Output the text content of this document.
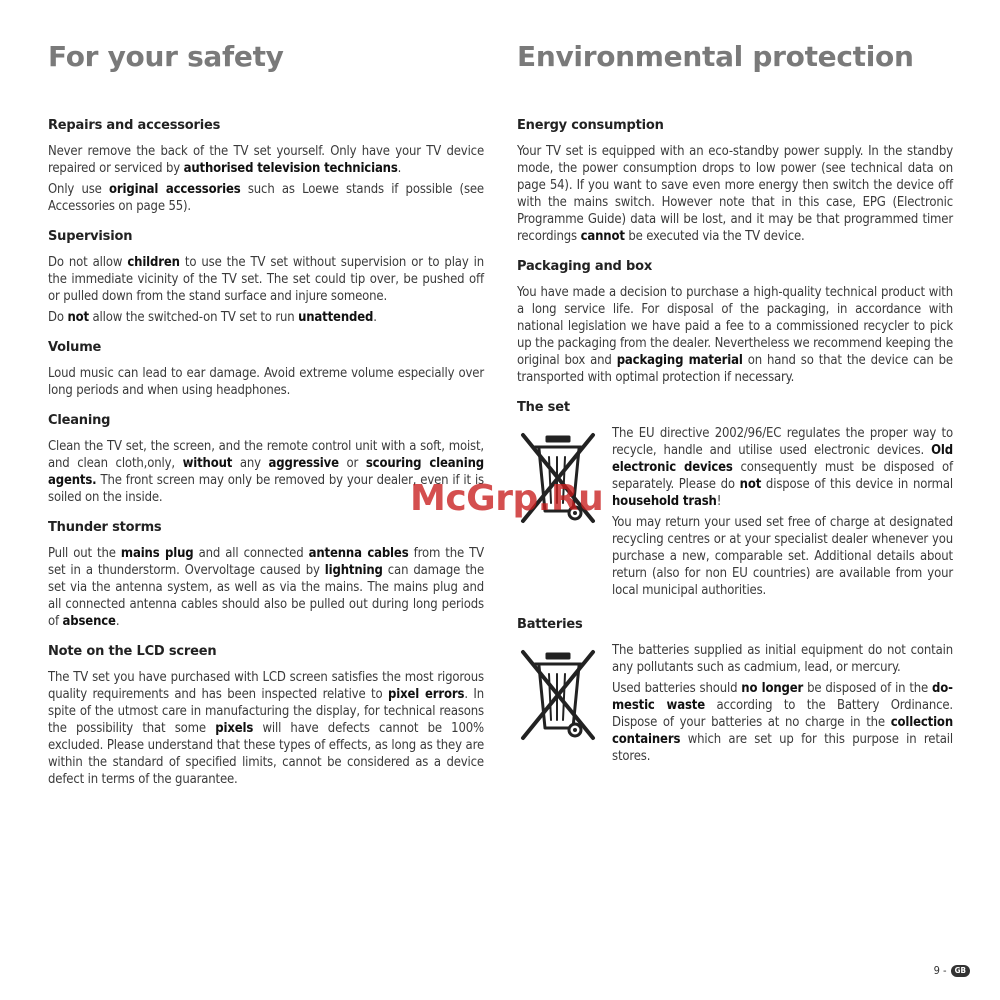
For your safety
Repairs and accessories

Never remove the back of the TV set yourself. Only have your TV device repaired or serviced by authorised television technicians.

Only use original accessories such as Loewe stands if possible (see Accessories on page 55).

Supervision

Do not allow children to use the TV set without supervision or to play in the immediate vicinity of the TV set. The set could tip over, be pushed off or pulled down from the stand surface and injure someone.

Do not allow the switched-on TV set to run unattended.

Volume

Loud music can lead to ear damage. Avoid extreme volume especially over long periods and when using headphones.

Cleaning

Clean the TV set, the screen, and the remote control unit with a soft, moist, and clean cloth,only, without any aggressive or scouring cleaning agents. The front screen may only be removed by your dealer, even if it is soiled on the inside.

Thunder storms

Pull out the mains plug and all connected antenna cables from the TV set in a thunderstorm. Overvoltage caused by lightning can damage the set via the antenna system, as well as via the mains. The mains plug and all connected antenna cables should also be pulled out during long periods of absence.

Note on the LCD screen

The TV set you have purchased with LCD screen satisfies the most rigorous quality requirements and has been inspected relative to pixel errors. In spite of the utmost care in manufacturing the display, for technical reasons the possibility that some pixels will have defects cannot be 100% excluded. Please understand that these types of effects, as long as they are within the standard of specified limits, cannot be considered as a device defect in terms of the guarantee.

Environmental protection
Energy consumption

Your TV set is equipped with an eco-standby power supply. In the standby mode, the power consumption drops to low power (see technical data on page 54). If you want to save even more energy then switch the device off with the mains switch. However note that in this case, EPG (Electronic Programme Guide) data will be lost, and it may be that programmed timer recordings cannot be executed via the TV device.

Packaging and box

You have made a decision to purchase a high-quality technical product with a long service life. For disposal of the packaging, in accordance with national legislation we have paid a fee to a commissioned recycler to pick up the packaging from the dealer. Nevertheless we recommend keeping the original box and packaging material on hand so that the device can be transported with optimal protection if necessary.

The set

The EU directive 2002/96/EC regulates the proper way to recycle, handle and utilise used electronic devices. Old electronic devices consequently must be disposed of separately. Please do not dispose of this device in normal household trash!

You may return your used set free of charge at designated recycling centres or at your specialist dealer whenever you purchase a new, comparable set. Additional details about return (also for non EU countries) are available from your local municipal authorities.

Batteries

The batteries supplied as initial equipment do not contain any pollutants such as cadmium, lead, or mercury.

Used batteries should no longer be disposed of in the domestic waste according to the Battery Ordinance. Dispose of your batteries at no charge in the collection containers which are set up for this purpose in retail stores.

McGrp.Ru
9 -	GB
